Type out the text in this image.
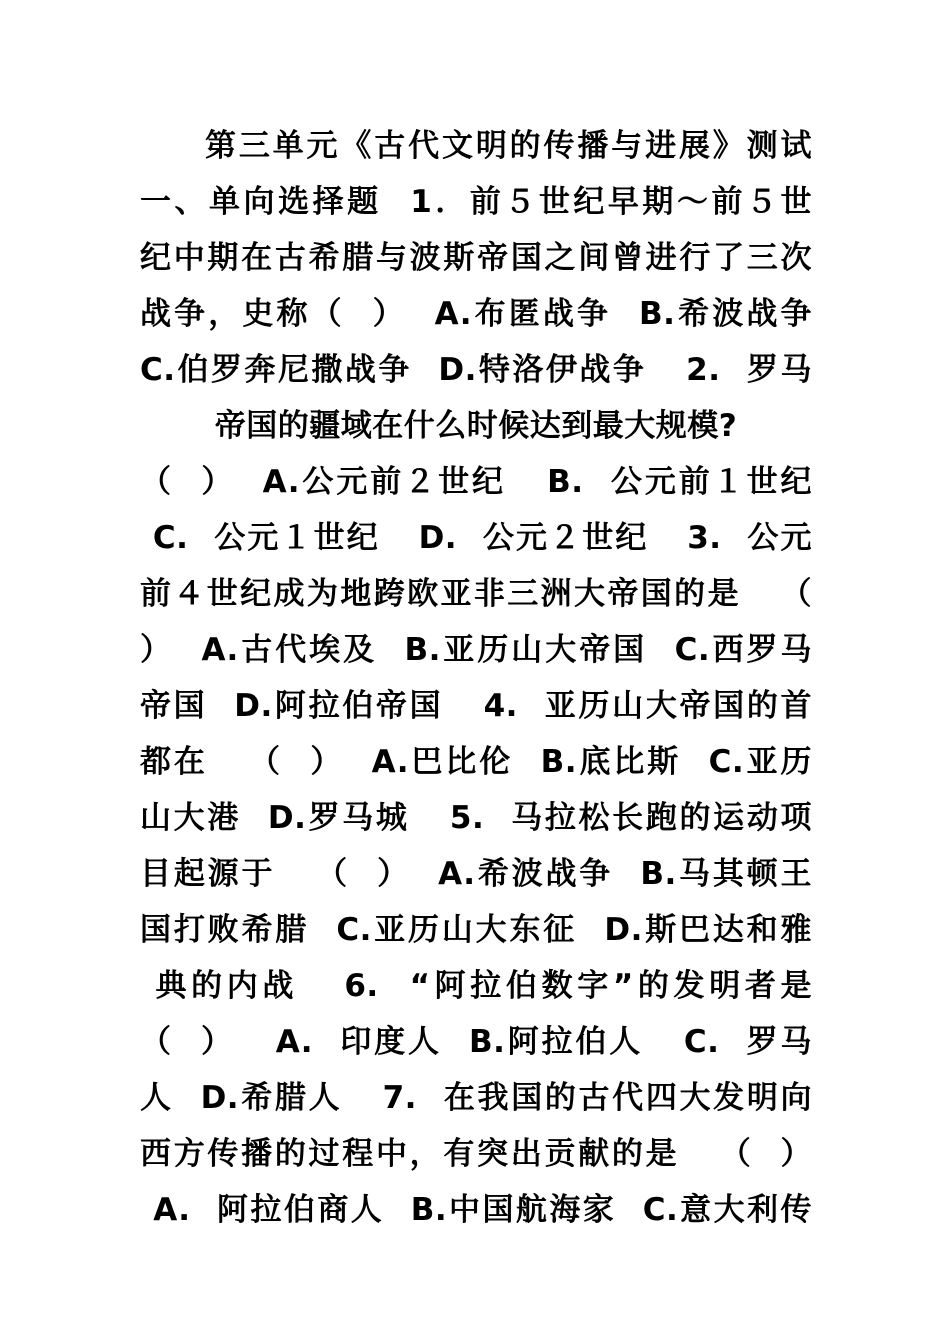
第三单元《古代文明的传播与进展》测试
一、单向选择题  1．前５世纪早期～前５世
纪中期在古希腊与波斯帝国之间曾进行了三次
战争，史称（  ）  A.布匿战争  B.希波战争
C.伯罗奔尼撒战争  D.特洛伊战争   2.  罗马
帝国的疆域在什么时候达到最大规模?
（  ）  A.公元前２世纪   B.  公元前１世纪
C.  公元１世纪   D.  公元２世纪   3.  公元
前４世纪成为地跨欧亚非三洲大帝国的是   （
）  A.古代埃及  B.亚历山大帝国  C.西罗马
帝国  D.阿拉伯帝国   4.  亚历山大帝国的首
都在   （  ）  A.巴比伦  B.底比斯  C.亚历
山大港  D.罗马城   5.  马拉松长跑的运动项
目起源于   （  ）  A.希波战争  B.马其顿王
国打败希腊  C.亚历山大东征  D.斯巴达和雅
典的内战   6.  “阿拉伯数字”的发明者是
（  ）   A.  印度人  B.阿拉伯人   C.  罗马
人  D.希腊人   7.  在我国的古代四大发明向
西方传播的过程中，有突出贡献的是   （  ）
A.  阿拉伯商人  B.中国航海家  C.意大利传
